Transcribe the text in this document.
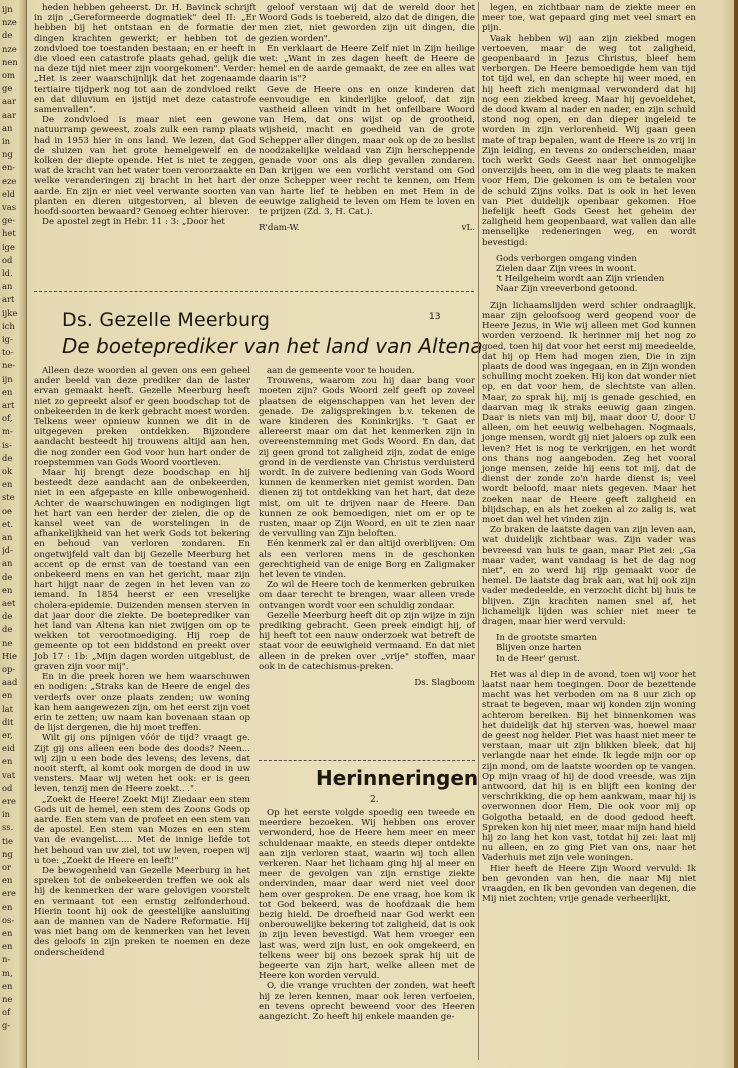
ijn
nze
de
nze
nen
om
ge
aar
aar
an
in
ng
en-
eze
eld
vas
ge-
het
ige
od
ld.
an
art
ijke
ich
ig-
to-
ne-
ijn
en
art
of,
m-
is-
de
ok
en
ste
oe
et.
an
jd-
an
de
en
aet
de
de
ne
Hie
op-
aad
en
lat
dit
er,
eid
en
vat
od
ere
in
ss.
tie
ng
or
en
ere
en
os-
en
en
n-
m,
en
ne
of
g-

heden hebben geheerst. Dr. H. Bavinck schrijft in zijn „Gereformeerde dogmatiek" deel II: „Er hebben bij het ontstaan en de formatie der dingen krachten gewerkt; er hebben tot de zondvloed toe toestanden bestaan; en er heeft in die vloed een catastrofe plaats gehad, gelijk die na deze tijd niet meer zijn voorgekomen". Verder: „Het is zeer waarschijnlijk dat het zogenaamde tertiaire tijdperk nog tot aan de zondvloed reikt en dat diluvium en ijstijd met deze catastrofe samenvallen".

De zondvloed is maar niet een gewone natuurramp geweest, zoals zulk een ramp plaats had in 1953 hier in ons land. We lezen, dat God de sluizen van het grote hemelgewelf en de kolken der diepte opende. Het is niet te zeggen, wat de kracht van het water toen veroorzaakte en welke veranderingen zij bracht in het hart der aarde. En zijn er niet veel verwante soorten van planten en dieren uitgestorven, al bleven de hoofd-soorten bewaard? Genoeg echter hierover.

De apostel zegt in Hebr. 11 : 3: „Door het

geloof verstaan wij dat de wereld door het Woord Gods is toebereid, alzo dat de dingen, die men ziet, niet geworden zijn uit dingen, die gezien worden".

En verklaart de Heere Zelf niet in Zijn heilige wet: „Want in zes dagen heeft de Heere de hemel en de aarde gemaakt, de zee en alles wat daarin is"?

Geve de Heere ons en onze kinderen dat eenvoudige en kinderlijke geloof, dat zijn vastheid alleen vindt in het onfeilbare Woord van Hem, dat ons wijst op de grootheid, wijsheid, macht en goedheid van de grote Schepper aller dingen, maar ook op de zo beslist noodzakelijke weldaad van Zijn herscheppende genade voor ons als diep gevallen zondaren. Dan krijgen we een vorlicht verstand om God onze Schepper weer recht te kennen, om Hem van harte lief te hebben en met Hem in de eeuwige zaligheid te leven om Hem te loven en te prijzen (Zd. 3, H. Cat.).

R'dam-W.	vL.
Ds. Gezelle Meerburg	13
De boeteprediker van het land van Altena

Alleen deze woorden al geven ons een geheel ander beeld van deze prediker dan de laster ervan gemaakt heeft. Gezelle Meerburg heeft niet zo gepreekt alsof er geen boodschap tot de onbekeerden in de kerk gebracht moest worden. Telkens weer opnieuw kunnen we dit in de uitgegeven preken ontdekken. Bijzondere aandacht besteedt hij trouwens altijd aan hen, die nog zonder een God voor hun hart onder de roepstemmen van Gods Woord voortleven.

Maar hij brengt deze boodschap en hij besteedt deze aandacht aan de onbekeerden, niet in een afgepaste en kille onbewogenheid. Achter de waarschuwingen en nodigingen ligt het hart van een herder der zielen, die op de kansel weet van de worstelingen in de afhankelijkheid van het werk Gods tot bekering en behoud van verloren zondaren. En ongetwijfeld valt dan bij Gezelle Meerburg het accent op de ernst van de toestand van een onbekeerd mens en van het gericht, maar zijn hart hijgt naar de zegen in het leven van zo iemand. In 1854 heerst er een vreselijke cholera-epidemie. Duizenden mensen sterven in dat jaar door die ziekte. De boeteprediker van het land van Altena kan niet zwijgen om op te wekken tot verootmoediging. Hij roep de gemeente op tot een biddstond en preekt over Job 17 : 1b: „Mijn dagen worden uitgeblust, de graven zijn voor mij".

En in die preek horen we hem waarschuwen en nodigen: „Straks kan de Heere de engel des verderfs over onze plaats zenden; uw woning kan hem aangewezen zijn, om het eerst zijn voet erin te zetten; uw naam kan bovenaan staan op de lijst dergenen, die hij moet treffen.

Wilt gij ons pijnigen vóór de tijd? vraagt ge. Zijt gij ons alleen een bode des doods? Neen... wij zijn u een bode des levens; des levens, dat nooit sterft, al komt ook morgen de dood in uw vensters. Maar wij weten het ook: er is geen leven, tenzij men de Heere zoekt.. .".

„Zoekt de Heere! Zoekt Mij! Ziedaar een stem Gods uit de hemel, een stem des Zoons Gods op aarde. Een stem van de profeet en een stem van de apostel. Een stem van Mozes en een stem van de evangelist...... Met de innige liefde tot het behoud van uw ziel, tot uw leven, roepen wij u toe: „Zoekt de Heere en leeft!"

De bewogenheid van Gezelle Meerburg in het spreken tot de onbekeerden treffen we ook als hij de kenmerken der ware gelovigen voorstelt en vermaant tot een ernstig zelfonderhoud. Hierin toont hij ook de geestelijke aansluiting aan de mannen van de Nadere Reformatie. Hij was niet bang om de kenmerken van het leven des geloofs in zijn preken te noemen en deze onderscheidend

aan de gemeente voor te houden.

Trouwens, waarom zou hij daar bang voor moeten zijn? Gods Woord zelf geeft op zoveel plaatsen de eigenschappen van het leven der genade. De zaligsprekingen b.v. tekenen de ware kinderen des Koninkrijks. 't Gaat er allereerst maar om dat het kenmerken zijn in overeenstemming met Gods Woord. En dan, dat zij geen grond tot zaligheid zijn, zodat de enige grond in de verdienste van Christus verduisterd wordt. In de zuivere bediening van Gods Woord kunnen de kenmerken niet gemist worden. Dan dienen zij tot ontdekking van het hart, dat deze mist, om uit te drijven naar de Heere. Dan kunnen ze ook bemoedigen, niet om er op te rusten, maar op Zijn Woord, en uit te zien naar de vervulling van Zijn beloften.

Eén kenmerk zal er dan altijd overblijven: Om als een verloren mens in de geschonken gerechtigheid van de enige Borg en Zaligmaker het leven te vinden.

Zo wil de Heere toch de kenmerken gebruiken om daar terecht te brengen, waar alleen vrede ontvangen wordt voor een schuldig zondaar.

Gezelle Meerburg heeft dit op zijn wijze in zijn prediking gebracht. Geen preek eindigt hij, of hij heeft tot een nauw onderzoek wat betreft de staat voor de eeuwigheid vermaand. En dat niet alleen in de preken over „vrije" stoffen, maar ook in de catechismus-preken.

Ds. Slagboom

Herinneringen
2.

Op het eerste volgde spoedig een tweede en meerdere bezoeken. Wij hebben ons erover verwonderd, hoe de Heere hem meer en meer schuldenaar maakte, en steeds dieper ontdekte aan zijn verloren staat, waarin wij toch allen verkeren. Naar het lichaam ging hij al meer en meer de gevolgen van zijn ernstige ziekte ondervinden, maar daar werd niet veel door hem over gesproken. De ene vraag, hoe kom ik tot God bekeerd, was de hoofdzaak die hem bezig hield. De droefheid naar God werkt een onberouwelijke bekering tot zaligheid, dat is ook in zijn leven bevestigd. Wat hem vroeger een last was, werd zijn lust, en ook omgekeerd, en telkens weer bij ons bezoek sprak hij uit de begeerte van zijn hart, welke alleen met de Heere kon worden vervuld.

O, die vrange vruchten der zonden, wat heeft hij ze leren kennen, maar ook leren verfoeien, en tevens oprecht beweend voor des Heeren aangezicht. Zo heeft hij enkele maanden ge-

legen, en zichtbaar nam de ziekte meer en meer toe, wat gepaard ging met veel smart en pijn.

Vaak hebben wij aan zijn ziekbed mogen vertoeven, maar de weg tot zaligheid, geopenbaard in Jezus Christus, bleef hem verborgen. De Heere bemoedigde hem van tijd tot tijd wel, en dan schepte hij weer moed, en hij heeft zich menigmaal verwonderd dat hij nog een ziekbed kreeg. Maar hij gevoeldehet, de dood kwam al nader en nader, en zijn schuld stond nog open, en dan dieper ingeleid te worden in zijn verlorenheid. Wij gaan geen mate of trap bepalen, want de Heere is zo vrij in Zijn leiding, en tevens zo onderscheiden, maar toch werkt Gods Geest naar het onmogelijke onverzijds heen, om in die weg plaats te maken voor Hem, Die gekomen is om te betalen voor de schuld Zijns volks. Dat is ook in het leven van Piet duidelijk openbaar gekomen. Hoe liefelijk heeft Gods Geest het geheim der zaligheid hem geopenbaard, wat vallen dan alle menselijke redeneringen weg, en wordt bevestigd:

Gods verborgen omgang vinden
Zielen daar Zijn vrees in woont.
't Heilgeheim wordt aan Zijn vrienden
Naar Zijn vreeverbond getoond.

Zijn lichaamslijden werd schier ondraaglijk, maar zijn geloofsoog werd geopend voor de Heere Jezus, in Wie wij alleen met God kunnen worden verzoend. Ik herinner mij het nog zo goed, toen hij dat voor het eerst mij meedeelde, dat hij op Hem had mogen zien, Die in zijn plaats de dood was ingegaan, en in Zijn wonden schulling mocht zoeken. Hij kon dat wonder niet op, en dat voor hem, de slechtste van allen. Maar, zo sprak hij, mij is genade geschied, en daarvan mag ik straks eeuwig gaan zingen. Daar is niets van mij bij, maar door U, door U alleen, om het eeuwig welbehagen. Nogmaals, jonge mensen, wordt gij niet jaloers op zulk een leven? Het is nog te verkrijgen, en het wordt ons thans nog aangeboden. Zeg het vooral jonge mensen, zeide hij eens tot mij, dat de dienst der zonde zo'n harde dienst is; veel wordt beloofd, maar niets gegeven. Maar het zoeken naar de Heere geeft zaligheid en blijdschap, en als het zoeken al zo zalig is, wat moet dan wel het vinden zijn.

Zo braken de laatste dagen van zijn leven aan, wat duidelijk zichtbaar was. Zijn vader was bevreesd van huis te gaan, maar Piet zei: „Ga maar vader, want vandaag is het de dag nog niet", en zo werd hij rijp gemaakt voor de hemel. De laatste dag brak aan, wat hij ook zijn vader mededeelde, en verzocht dicht bij huis te blijven. Zijn krachten namen snel af, het lichamelijk lijden was schier niet meer te dragen, maar hier werd vervuld:

In de grootste smarten
Blijven onze harten
In de Heer' gerust.

Het was al diep in de avond, toen wij voor het laatst naar hem toegingen. Door de bezettende macht was het verboden om na 8 uur zich op straat te begeven, maar wij konden zijn woning achterom bereiken. Bij het binnenkomen was het duidelijk dat hij sterven was, hoewel maar de geest nog helder. Piet was haast niet meer te verstaan, maar uit zijn blikken bleek, dat hij verlangde naar het einde. Ik legde mijn oor op zijn mond, om de laatste woorden op te vangen. Op mijn vraag of hij de dood vreesde, was zijn antwoord, dat hij is en blijft een koning der verschrikking, die op hem aankwam, maar hij is overwonnen door Hem, Die ook voor mij op Golgotha betaald, en de dood gedood heeft. Spreken kon hij niet meer, maar mijn hand hield hij zo lang het kon vast, totdat hij zei: laat mij nu alleen, en zo ging Piet van ons, naar het Vaderhuis met zijn vele woningen.

Hier heeft de Heere Zijn Woord vervuld: Ik ben gevonden van hen, die naar Mij niet vraagden, en Ik ben gevonden van degenen, die Mij niet zochten; vrije genade verheerlijkt,
